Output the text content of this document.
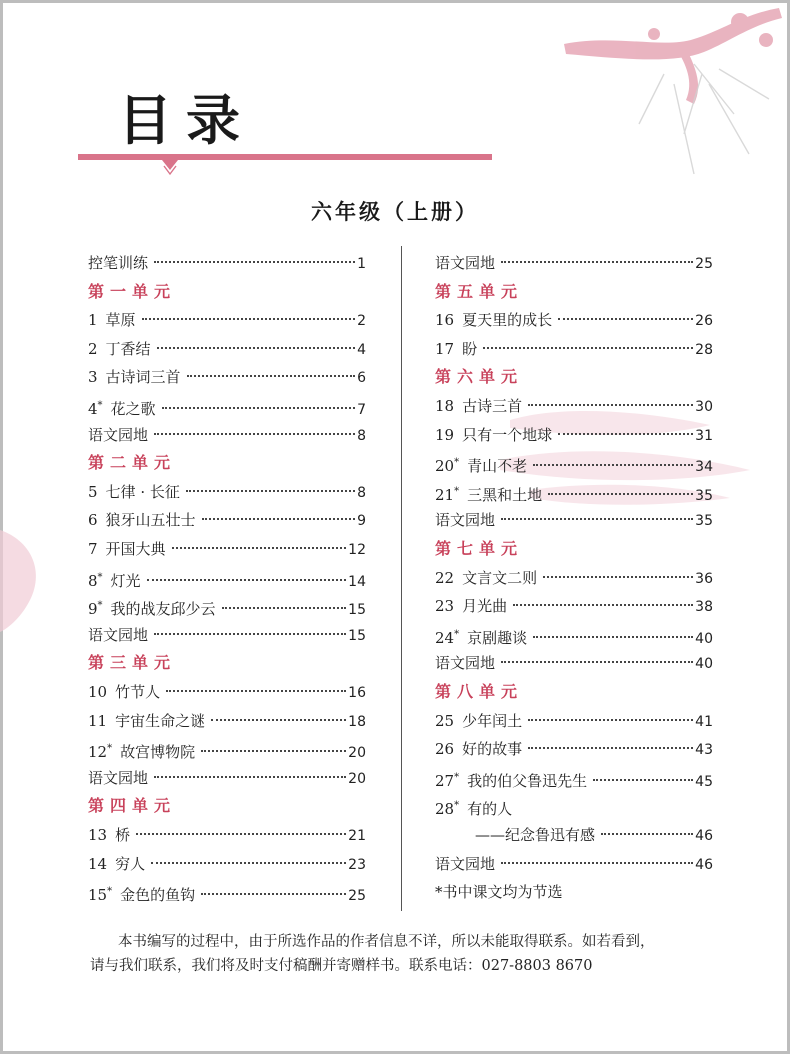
目录
六年级（上册）
控笔训练	1
第一单元
1 草原	2
2 丁香结	4
3 古诗词三首	6
4* 花之歌	7
语文园地	8
第二单元
5 七律 · 长征	8
6 狼牙山五壮士	9
7 开国大典	12
8* 灯光	14
9* 我的战友邱少云	15
语文园地	15
第三单元
10 竹节人	16
11 宇宙生命之谜	18
12* 故宫博物院	20
语文园地	20
第四单元
13 桥	21
14 穷人	23
15* 金色的鱼钩	25
语文园地	25
第五单元
16 夏天里的成长	26
17 盼	28
第六单元
18 古诗三首	30
19 只有一个地球	31
20* 青山不老	34
21* 三黑和土地	35
语文园地	35
第七单元
22 文言文二则	36
23 月光曲	38
24* 京剧趣谈	40
语文园地	40
第八单元
25 少年闰土	41
26 好的故事	43
27* 我的伯父鲁迅先生	45
28* 有的人
——纪念鲁迅有感	46
语文园地	46
*书中课文均为节选
本书编写的过程中，由于所选作品的作者信息不详，所以未能取得联系。如若看到，
请与我们联系，我们将及时支付稿酬并寄赠样书。联系电话：027-8803 8670
